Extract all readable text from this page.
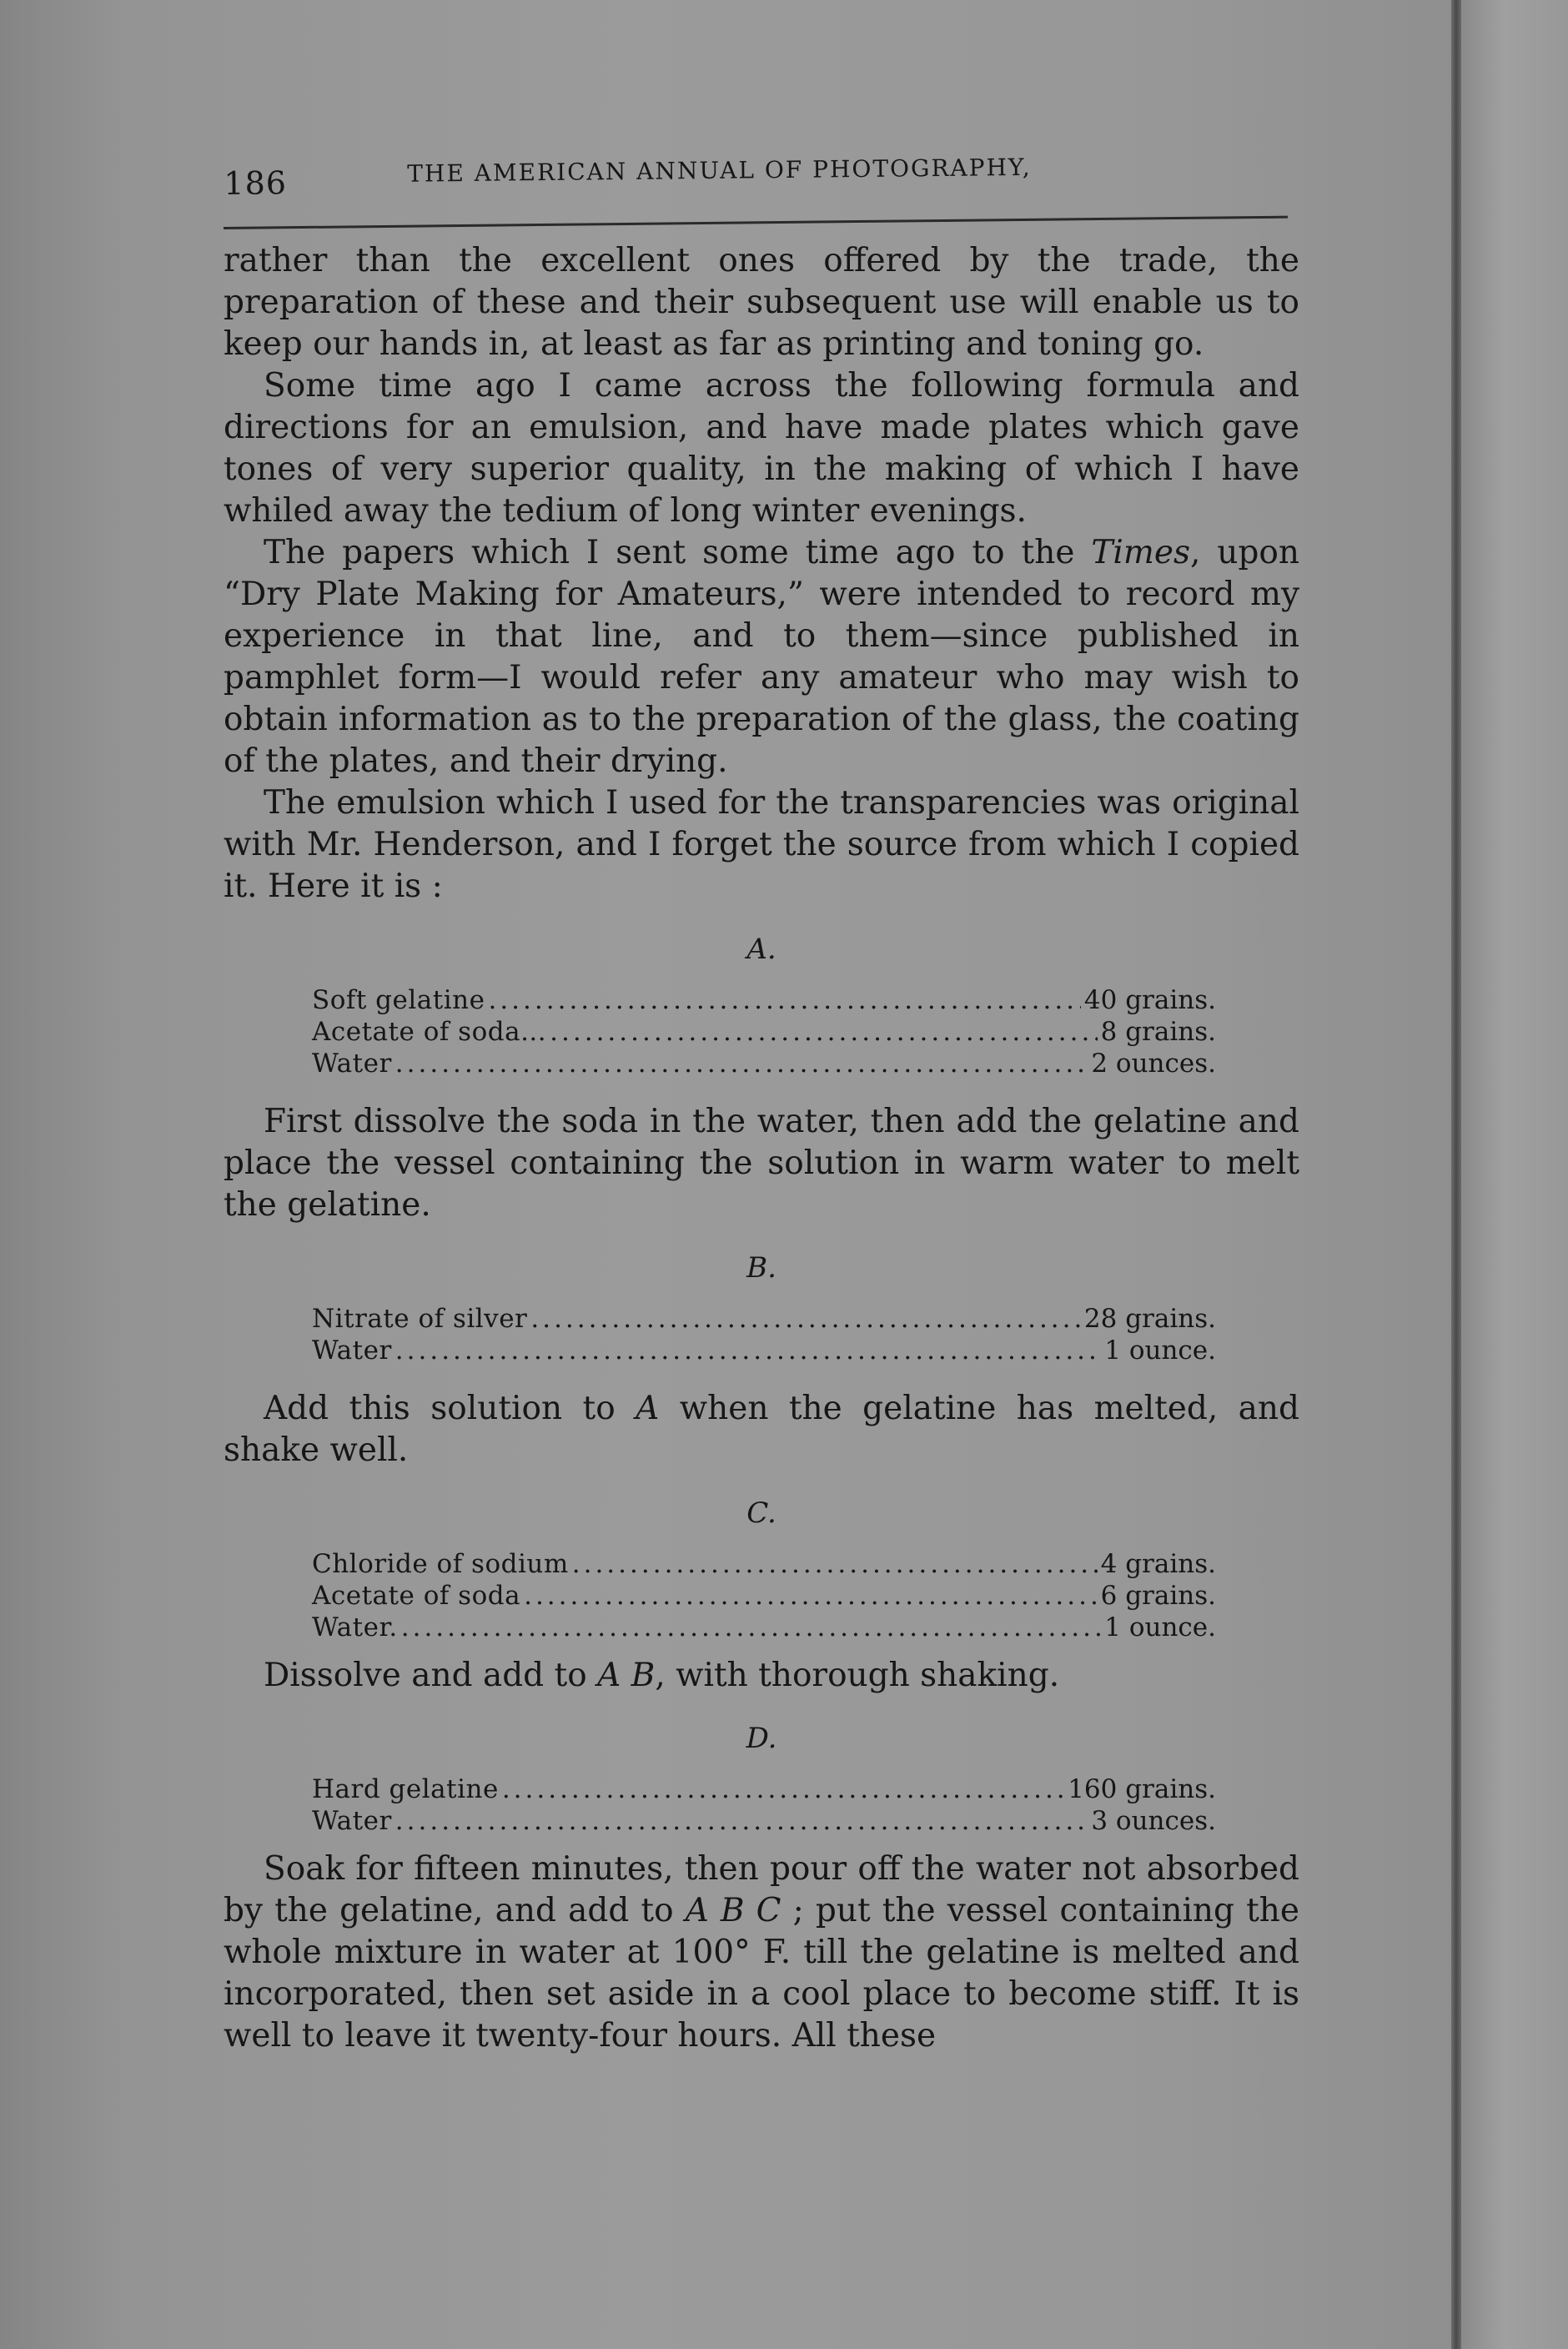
186	THE AMERICAN ANNUAL OF PHOTOGRAPHY,

rather than the excellent ones offered by the trade, the preparation of these and their subsequent use will enable us to keep our hands in, at least as far as printing and toning go.

Some time ago I came across the following formula and directions for an emulsion, and have made plates which gave tones of very superior quality, in the making of which I have whiled away the tedium of long winter evenings.

The papers which I sent some time ago to the Times, upon “Dry Plate Making for Amateurs,” were intended to record my experience in that line, and to them—since published in pamphlet form—I would refer any amateur who may wish to obtain information as to the preparation of the glass, the coating of the plates, and their drying.

The emulsion which I used for the transparencies was original with Mr. Henderson, and I forget the source from which I copied it. Here it is :

A.
Soft gelatine .....	40 grains.
Acetate of soda... .....	8 grains.
Water .....	2 ounces.

First dissolve the soda in the water, then add the gelatine and place the vessel containing the solution in warm water to melt the gelatine.

B.
Nitrate of silver .....	28 grains.
Water .....	1 ounce.

Add this solution to A when the gelatine has melted, and shake well.

C.
Chloride of sodium .....	4 grains.
Acetate of soda .....	6 grains.
Water. .....	1 ounce.

Dissolve and add to A B, with thorough shaking.

D.
Hard gelatine .....	160 grains.
Water .....	3 ounces.

Soak for fifteen minutes, then pour off the water not absorbed by the gelatine, and add to A B C ; put the vessel containing the whole mixture in water at 100° F. till the gelatine is melted and incorporated, then set aside in a cool place to become stiff. It is well to leave it twenty-four hours. All these
